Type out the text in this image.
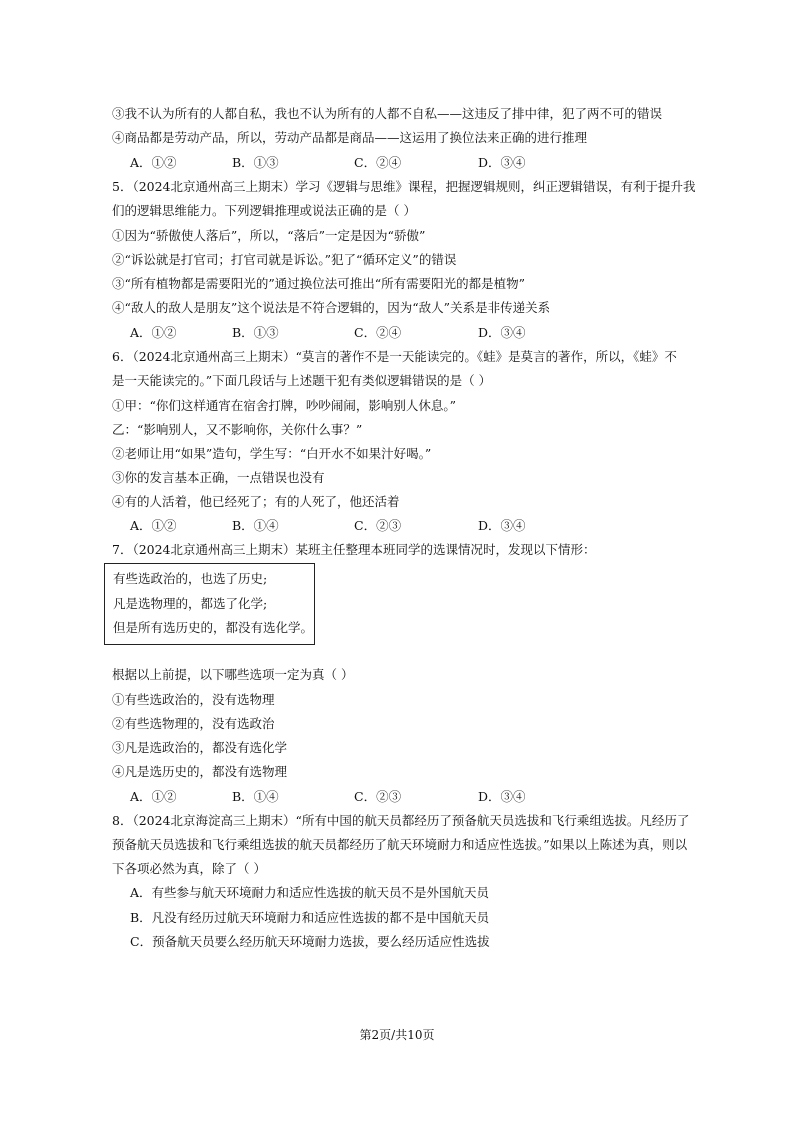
③我不认为所有的人都自私，我也不认为所有的人都不自私——这违反了排中律，犯了两不可的错误
④商品都是劳动产品，所以，劳动产品都是商品——这运用了换位法来正确的进行推理
A．①②	B．①③	C．②④	D．③④
5．（2024北京通州高三上期末）学习《逻辑与思维》课程，把握逻辑规则，纠正逻辑错误，有利于提升我
们的逻辑思维能力。下列逻辑推理或说法正确的是（ ）
①因为“骄傲使人落后”，所以，“落后”一定是因为“骄傲”
②“诉讼就是打官司；打官司就是诉讼。”犯了“循环定义”的错误
③“所有植物都是需要阳光的”通过换位法可推出“所有需要阳光的都是植物”
④“敌人的敌人是朋友”这个说法是不符合逻辑的，因为“敌人”关系是非传递关系
A．①②	B．①③	C．②④	D．③④
6．（2024北京通州高三上期末）“莫言的著作不是一天能读完的。《蛙》是莫言的著作，所以，《蛙》不
是一天能读完的。”下面几段话与上述题干犯有类似逻辑错误的是（ ）
①甲：“你们这样通宵在宿舍打牌，吵吵闹闹，影响别人休息。”
乙：“影响别人，又不影响你，关你什么事？”
②老师让用“如果”造句，学生写：“白开水不如果汁好喝。”
③你的发言基本正确，一点错误也没有
④有的人活着，他已经死了；有的人死了，他还活着
A．①②	B．①④	C．②③	D．③④
7．（2024北京通州高三上期末）某班主任整理本班同学的选课情况时，发现以下情形：
有些选政治的，也选了历史;
凡是选物理的，都选了化学;
但是所有选历史的，都没有选化学。
根据以上前提，以下哪些选项一定为真（ ）
①有些选政治的，没有选物理
②有些选物理的，没有选政治
③凡是选政治的，都没有选化学
④凡是选历史的，都没有选物理
A．①②	B．①④	C．②③	D．③④
8．（2024北京海淀高三上期末）“所有中国的航天员都经历了预备航天员选拔和飞行乘组选拔。凡经历了
预备航天员选拔和飞行乘组选拔的航天员都经历了航天环境耐力和适应性选拔。”如果以上陈述为真，则以
下各项必然为真，除了（ ）
A．有些参与航天环境耐力和适应性选拔的航天员不是外国航天员
B．凡没有经历过航天环境耐力和适应性选拔的都不是中国航天员
C．预备航天员要么经历航天环境耐力选拔，要么经历适应性选拔
第2页/共10页
